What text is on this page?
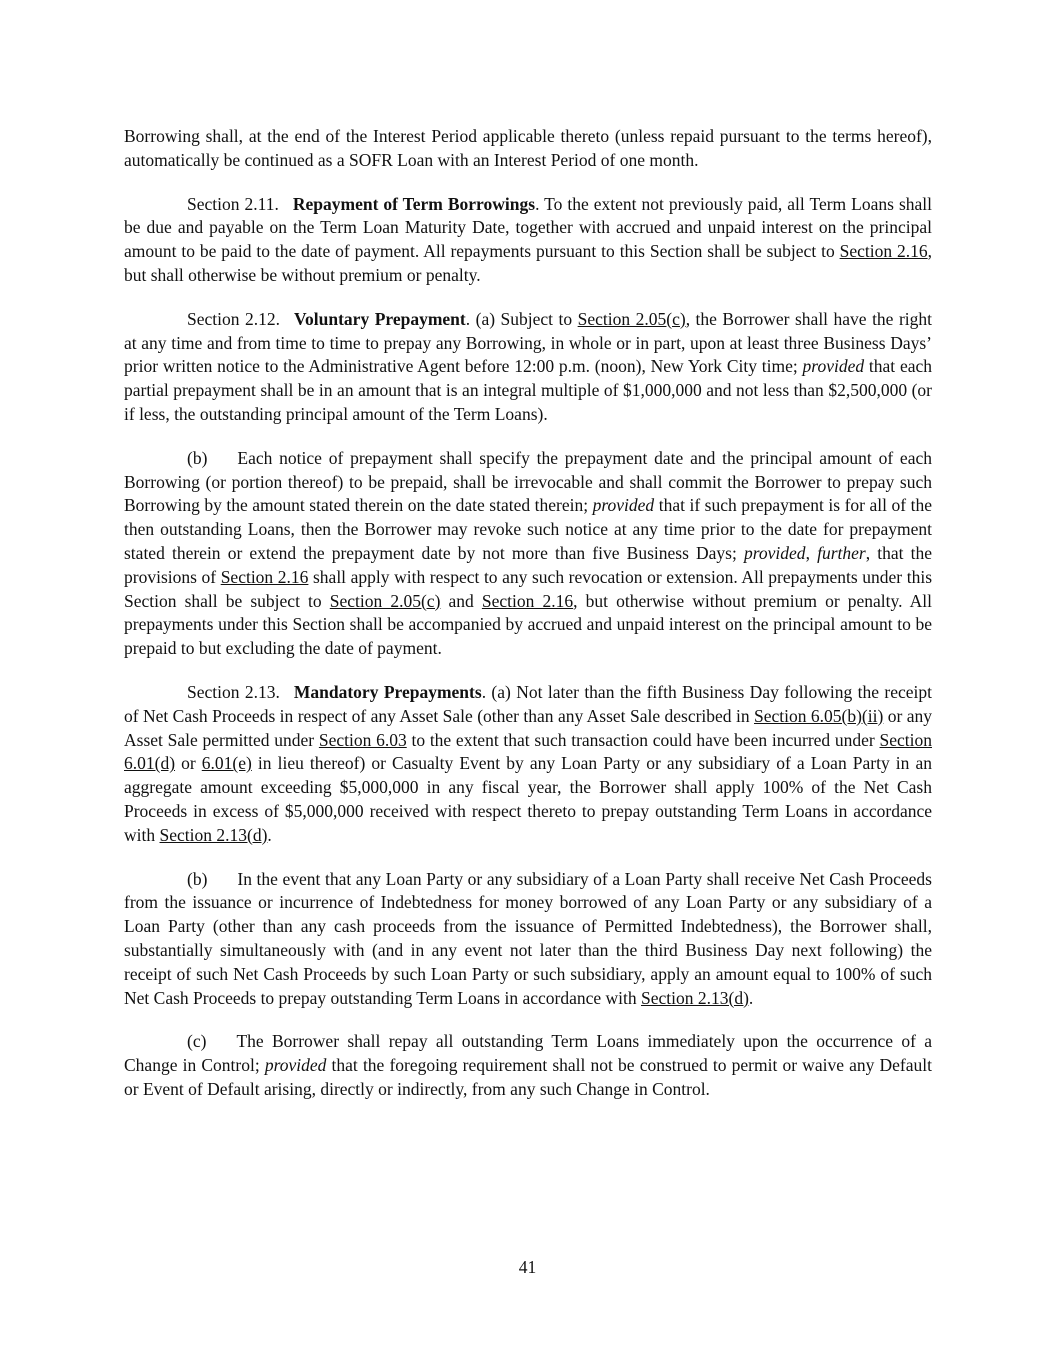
Borrowing shall, at the end of the Interest Period applicable thereto (unless repaid pursuant to the terms hereof), automatically be continued as a SOFR Loan with an Interest Period of one month.

Section 2.11. Repayment of Term Borrowings. To the extent not previously paid, all Term Loans shall be due and payable on the Term Loan Maturity Date, together with accrued and unpaid interest on the principal amount to be paid to the date of payment. All repayments pursuant to this Section shall be subject to Section 2.16, but shall otherwise be without premium or penalty.

Section 2.12. Voluntary Prepayment. (a) Subject to Section 2.05(c), the Borrower shall have the right at any time and from time to time to prepay any Borrowing, in whole or in part, upon at least three Business Days’ prior written notice to the Administrative Agent before 12:00 p.m. (noon), New York City time; provided that each partial prepayment shall be in an amount that is an integral multiple of $1,000,000 and not less than $2,500,000 (or if less, the outstanding principal amount of the Term Loans).

(b) Each notice of prepayment shall specify the prepayment date and the principal amount of each Borrowing (or portion thereof) to be prepaid, shall be irrevocable and shall commit the Borrower to prepay such Borrowing by the amount stated therein on the date stated therein; provided that if such prepayment is for all of the then outstanding Loans, then the Borrower may revoke such notice at any time prior to the date for prepayment stated therein or extend the prepayment date by not more than five Business Days; provided, further, that the provisions of Section 2.16 shall apply with respect to any such revocation or extension. All prepayments under this Section shall be subject to Section 2.05(c) and Section 2.16, but otherwise without premium or penalty. All prepayments under this Section shall be accompanied by accrued and unpaid interest on the principal amount to be prepaid to but excluding the date of payment.

Section 2.13. Mandatory Prepayments. (a) Not later than the fifth Business Day following the receipt of Net Cash Proceeds in respect of any Asset Sale (other than any Asset Sale described in Section 6.05(b)(ii) or any Asset Sale permitted under Section 6.03 to the extent that such transaction could have been incurred under Section 6.01(d) or 6.01(e) in lieu thereof) or Casualty Event by any Loan Party or any subsidiary of a Loan Party in an aggregate amount exceeding $5,000,000 in any fiscal year, the Borrower shall apply 100% of the Net Cash Proceeds in excess of $5,000,000 received with respect thereto to prepay outstanding Term Loans in accordance with Section 2.13(d).

(b) In the event that any Loan Party or any subsidiary of a Loan Party shall receive Net Cash Proceeds from the issuance or incurrence of Indebtedness for money borrowed of any Loan Party or any subsidiary of a Loan Party (other than any cash proceeds from the issuance of Permitted Indebtedness), the Borrower shall, substantially simultaneously with (and in any event not later than the third Business Day next following) the receipt of such Net Cash Proceeds by such Loan Party or such subsidiary, apply an amount equal to 100% of such Net Cash Proceeds to prepay outstanding Term Loans in accordance with Section 2.13(d).

(c) The Borrower shall repay all outstanding Term Loans immediately upon the occurrence of a Change in Control; provided that the foregoing requirement shall not be construed to permit or waive any Default or Event of Default arising, directly or indirectly, from any such Change in Control.

41
